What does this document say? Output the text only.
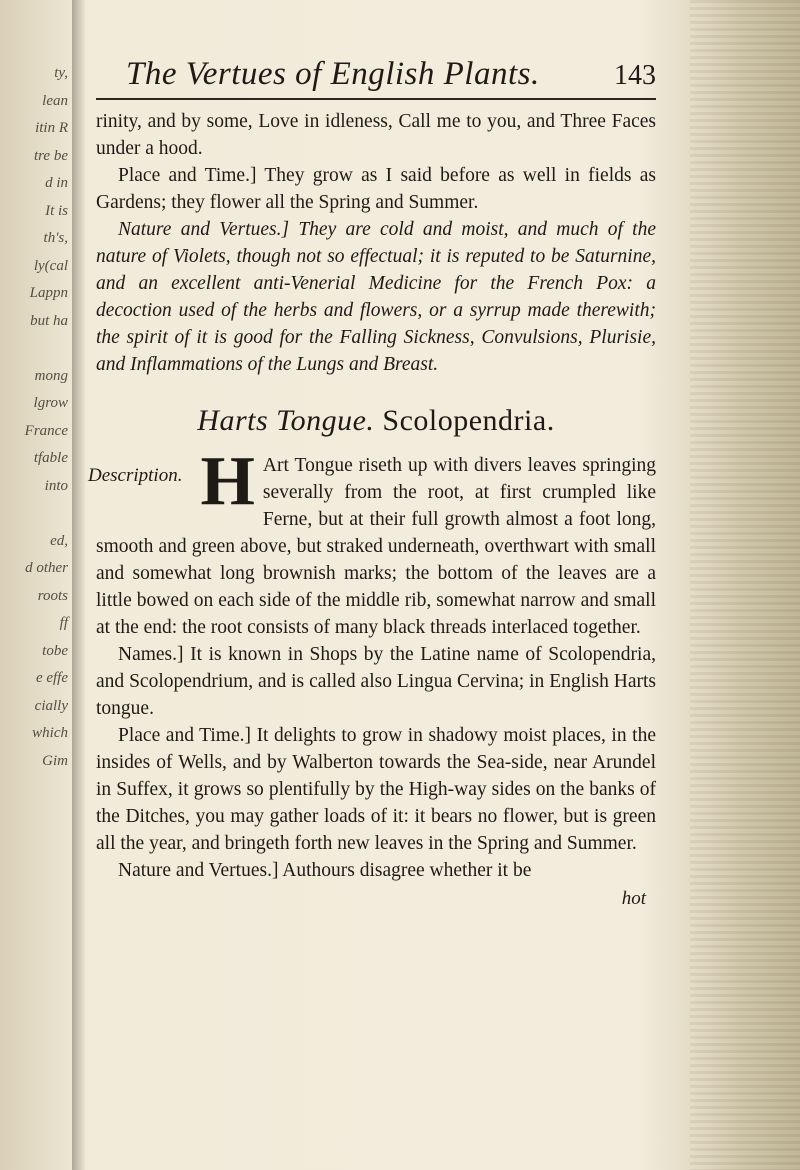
ty,
lean
itin R
tre be
d in
It is
th's,
ly(cal
Lappn
but ha

mong
lgrow
France
tfable
into

ed,
d other
roots
ff
tobe
e effe
cially
which
Gim
The Vertues of English Plants.	143

rinity, and by some, Love in idleness, Call me to you, and Three Faces under a hood.

Place and Time.] They grow as I said before as well in fields as Gardens; they flower all the Spring and Summer.

Nature and Vertues.] They are cold and moist, and much of the nature of Violets, though not so effectual; it is reputed to be Saturnine, and an excellent anti-Venerial Medicine for the French Pox: a decoction used of the herbs and flowers, or a syrrup made therewith; the spirit of it is good for the Falling Sickness, Convulsions, Plurisie, and Inflammations of the Lungs and Breast.

Harts Tongue. Scolopendria.
Description. H Art Tongue riseth up with divers leaves springing severally from the root, at first crumpled like Ferne, but at their full growth almost a foot long, smooth and green above, but straked underneath, overthwart with small and somewhat long brownish marks; the bottom of the leaves are a little bowed on each side of the middle rib, somewhat narrow and small at the end: the root consists of many black threads interlaced together.

Names.] It is known in Shops by the Latine name of Scolopendria, and Scolopendrium, and is called also Lingua Cervina; in English Harts tongue.

Place and Time.] It delights to grow in shadowy moist places, in the insides of Wells, and by Walberton towards the Sea-side, near Arundel in Suffex, it grows so plentifully by the High-way sides on the banks of the Ditches, you may gather loads of it: it bears no flower, but is green all the year, and bringeth forth new leaves in the Spring and Summer.

Nature and Vertues.] Authours disagree whether it be

hot
